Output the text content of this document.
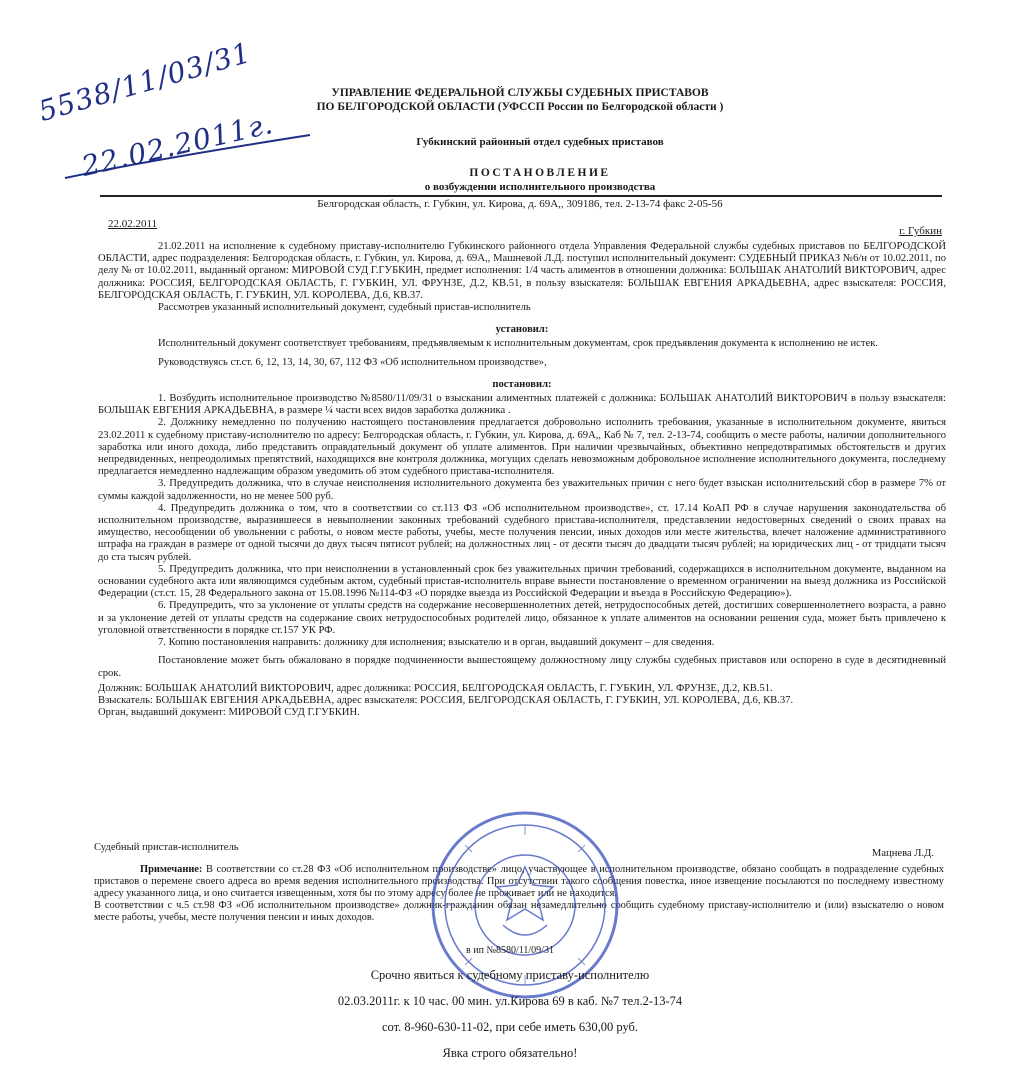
5538/11/03/31
22.02.2011г.
УПРАВЛЕНИЕ ФЕДЕРАЛЬНОЙ СЛУЖБЫ СУДЕБНЫХ ПРИСТАВОВ
ПО БЕЛГОРОДСКОЙ ОБЛАСТИ (УФССП России по Белгородской области )
Губкинский районный отдел судебных приставов
ПОСТАНОВЛЕНИЕ
о возбуждении исполнительного производства
Белгородская область, г. Губкин, ул. Кирова, д. 69А,, 309186, тел. 2-13-74 факс 2-05-56
22.02.2011
г. Губкин

21.02.2011 на исполнение к судебному приставу-исполнителю Губкинского районного отдела Управления Федеральной службы судебных приставов по БЕЛГОРОДСКОЙ ОБЛАСТИ, адрес подразделения: Белгородская область, г. Губкин, ул. Кирова, д. 69А,, Машневой Л.Д. поступил исполнительный документ: СУДЕБНЫЙ ПРИКАЗ №6/н от 10.02.2011, по делу № от 10.02.2011, выданный органом: МИРОВОЙ СУД Г.ГУБКИН, предмет исполнения: 1/4 часть алиментов в отношении должника: БОЛЬШАК АНАТОЛИЙ ВИКТОРОВИЧ, адрес должника: РОССИЯ, БЕЛГОРОДСКАЯ ОБЛАСТЬ, Г. ГУБКИН, УЛ. ФРУНЗЕ, Д.2, КВ.51, в пользу взыскателя: БОЛЬШАК ЕВГЕНИЯ АРКАДЬЕВНА, адрес взыскателя: РОССИЯ, БЕЛГОРОДСКАЯ ОБЛАСТЬ, Г. ГУБКИН, УЛ. КОРОЛЕВА, Д.6, КВ.37.

Рассмотрев указанный исполнительный документ, судебный пристав-исполнитель

установил:

Исполнительный документ соответствует требованиям, предъявляемым к исполнительным документам, срок предъявления документа к исполнению не истек.

Руководствуясь ст.ст. 6, 12, 13, 14, 30, 67, 112 ФЗ «Об исполнительном производстве»,

постановил:

1. Возбудить исполнительное производство №8580/11/09/31 о взыскании алиментных платежей с должника: БОЛЬШАК АНАТОЛИЙ ВИКТОРОВИЧ в пользу взыскателя: БОЛЬШАК ЕВГЕНИЯ АРКАДЬЕВНА, в размере ¼ части всех видов заработка должника .

2. Должнику немедленно по получению настоящего постановления предлагается добровольно исполнить требования, указанные в исполнительном документе, явиться 23.02.2011 к судебному приставу-исполнителю по адресу: Белгородская область, г. Губкин, ул. Кирова, д. 69А,, Каб № 7, тел. 2-13-74, сообщить о месте работы, наличии дополнительного заработка или иного дохода, либо представить оправдательный документ об уплате алиментов. При наличии чрезвычайных, объективно непредотвратимых обстоятельств и других непредвиденных, непреодолимых препятствий, находящихся вне контроля должника, могущих сделать невозможным добровольное исполнение исполнительного документа, последнему предлагается немедленно надлежащим образом уведомить об этом судебного пристава-исполнителя.

3. Предупредить должника, что в случае неисполнения исполнительного документа без уважительных причин с него будет взыскан исполнительский сбор в размере 7% от суммы каждой задолженности, но не менее 500 руб.

4. Предупредить должника о том, что в соответствии со ст.113 ФЗ «Об исполнительном производстве», ст. 17.14 КоАП РФ в случае нарушения законодательства об исполнительном производстве, выразившееся в невыполнении законных требований судебного пристава-исполнителя, представлении недостоверных сведений о своих правах на имущество, несообщении об увольнении с работы, о новом месте работы, учебы, месте получения пенсии, иных доходов или месте жительства, влечет наложение административного штрафа на граждан в размере от одной тысячи до двух тысяч пятисот рублей; на должностных лиц - от десяти тысяч до двадцати тысяч рублей; на юридических лиц - от тридцати тысяч до ста тысяч рублей.

5. Предупредить должника, что при неисполнении в установленный срок без уважительных причин требований, содержащихся в исполнительном документе, выданном на основании судебного акта или являющимся судебным актом, судебный пристав-исполнитель вправе вынести постановление о временном ограничении на выезд должника из Российской Федерации (ст.ст. 15, 28 Федерального закона от 15.08.1996 №114-ФЗ «О порядке выезда из Российской Федерации и въезда в Российскую Федерацию»).

6. Предупредить, что за уклонение от уплаты средств на содержание несовершеннолетних детей, нетрудоспособных детей, достигших совершеннолетнего возраста, а равно и за уклонение детей от уплаты средств на содержание своих нетрудоспособных родителей лицо, обязанное к уплате алиментов на основании решения суда, может быть привлечено к уголовной ответственности в порядке ст.157 УК РФ.

7. Копию постановления направить: должнику для исполнения; взыскателю и в орган, выдавший документ – для сведения.

Постановление может быть обжаловано в порядке подчиненности вышестоящему должностному лицу службы судебных приставов или оспорено в суде в десятидневный срок.

Должник: БОЛЬШАК АНАТОЛИЙ ВИКТОРОВИЧ, адрес должника: РОССИЯ, БЕЛГОРОДСКАЯ ОБЛАСТЬ, Г. ГУБКИН, УЛ. ФРУНЗЕ, Д.2, КВ.51.

Взыскатель: БОЛЬШАК ЕВГЕНИЯ АРКАДЬЕВНА, адрес взыскателя: РОССИЯ, БЕЛГОРОДСКАЯ ОБЛАСТЬ, Г. ГУБКИН, УЛ. КОРОЛЕВА, Д.6, КВ.37.

Орган, выдавший документ: МИРОВОЙ СУД Г.ГУБКИН.

Судебный пристав-исполнитель
Мацнева Л.Д.

Примечание: В соответствии со ст.28 ФЗ «Об исполнительном производстве» лицо, участвующее в исполнительном производстве, обязано сообщать в подразделение судебных приставов о перемене своего адреса во время ведения исполнительного производства. При отсутствии такого сообщения повестка, иное извещение посылаются по последнему известному адресу указанного лица, и оно считается извещенным, хотя бы по этому адресу более не проживает или не находится.

В соответствии с ч.5 ст.98 ФЗ «Об исполнительном производстве» должник-гражданин обязан незамедлительно сообщить судебному приставу-исполнителю и (или) взыскателю о новом месте работы, учебы, месте получения пенсии и иных доходов.

в ип №8580/11/09/31
Срочно явиться к судебному приставу-исполнителю
02.03.2011г. к 10 час. 00 мин. ул.Кирова 69 в каб. №7 тел.2-13-74
сот. 8-960-630-11-02, при себе иметь 630,00 руб.
Явка строго обязательно!
